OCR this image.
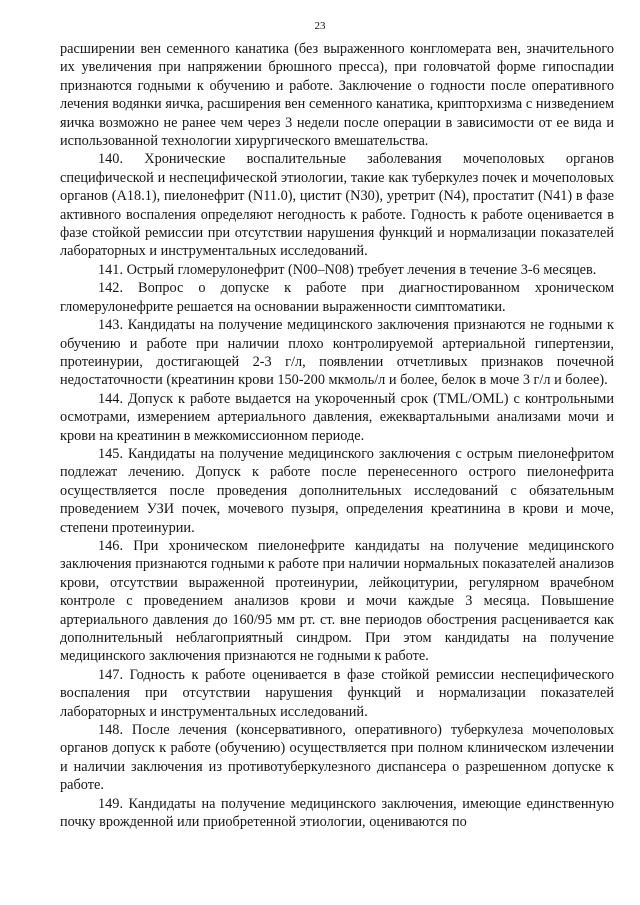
23

расширении вен семенного канатика (без выраженного конгломерата вен, значительного их увеличения при напряжении брюшного пресса), при головчатой форме гипоспадии признаются годными к обучению и работе. Заключение о годности после оперативного лечения водянки яичка, расширения вен семенного канатика, крипторхизма с низведением яичка возможно не ранее чем через 3 недели после операции в зависимости от ее вида и использованной технологии хирургического вмешательства.

140. Хронические воспалительные заболевания мочеполовых органов специфической и неспецифической этиологии, такие как туберкулез почек и мочеполовых органов (А18.1), пиелонефрит (N11.0), цистит (N30), уретрит (N4), простатит (N41) в фазе активного воспаления определяют негодность к работе. Годность к работе оценивается в фазе стойкой ремиссии при отсутствии нарушения функций и нормализации показателей лабораторных и инструментальных исследований.

141. Острый гломерулонефрит (N00–N08) требует лечения в течение 3-6 месяцев.

142. Вопрос о допуске к работе при диагностированном хроническом гломерулонефрите решается на основании выраженности симптоматики.

143. Кандидаты на получение медицинского заключения признаются не годными к обучению и работе при наличии плохо контролируемой артериальной гипертензии, протеинурии, достигающей 2-3 г/л, появлении отчетливых признаков почечной недостаточности (креатинин крови 150-200 мкмоль/л и более, белок в моче 3 г/л и более).

144. Допуск к работе выдается на укороченный срок (TML/OML) с контрольными осмотрами, измерением артериального давления, ежеквартальными анализами мочи и крови на креатинин в межкомиссионном периоде.

145. Кандидаты на получение медицинского заключения с острым пиелонефритом подлежат лечению. Допуск к работе после перенесенного острого пиелонефрита осуществляется после проведения дополнительных исследований с обязательным проведением УЗИ почек, мочевого пузыря, определения креатинина в крови и моче, степени протеинурии.

146. При хроническом пиелонефрите кандидаты на получение медицинского заключения признаются годными к работе при наличии нормальных показателей анализов крови, отсутствии выраженной протеинурии, лейкоцитурии, регулярном врачебном контроле с проведением анализов крови и мочи каждые 3 месяца. Повышение артериального давления до 160/95 мм рт. ст. вне периодов обострения расценивается как дополнительный неблагоприятный синдром. При этом кандидаты на получение медицинского заключения признаются не годными к работе.

147. Годность к работе оценивается в фазе стойкой ремиссии неспецифического воспаления при отсутствии нарушения функций и нормализации показателей лабораторных и инструментальных исследований.

148. После лечения (консервативного, оперативного) туберкулеза мочеполовых органов допуск к работе (обучению) осуществляется при полном клиническом излечении и наличии заключения из противотуберкулезного диспансера о разрешенном допуске к работе.

149. Кандидаты на получение медицинского заключения, имеющие единственную почку врожденной или приобретенной этиологии, оцениваются по
